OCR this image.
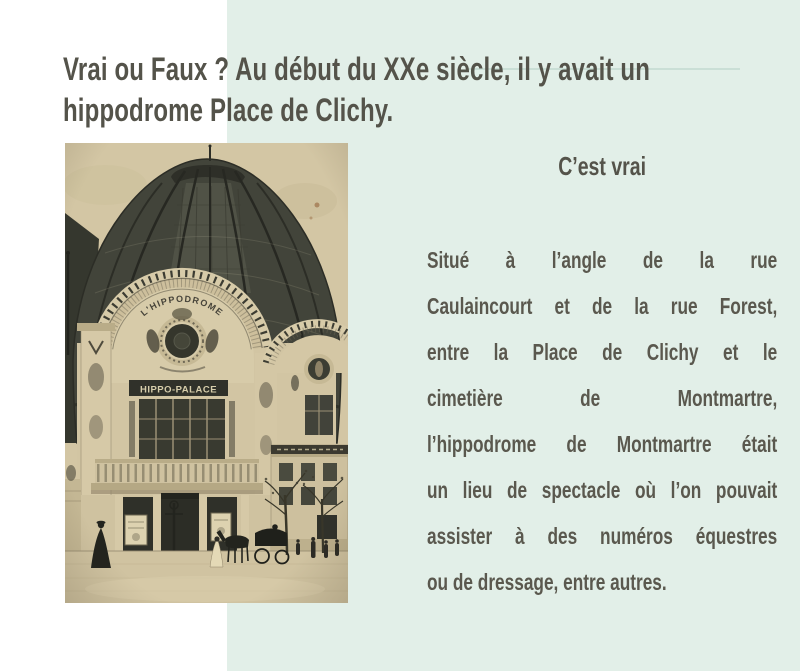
Vrai ou Faux ? Au début du XXe siècle, il y avait un
hippodrome Place de Clichy.
C’est vrai
Situé à l’angle de la rue
Caulaincourt et de la rue Forest,
entre la Place de Clichy et le
cimetière de Montmartre,
l’hippodrome de Montmartre était
un lieu de spectacle où l’on pouvait
assister à des numéros équestres
ou de dressage, entre autres.
